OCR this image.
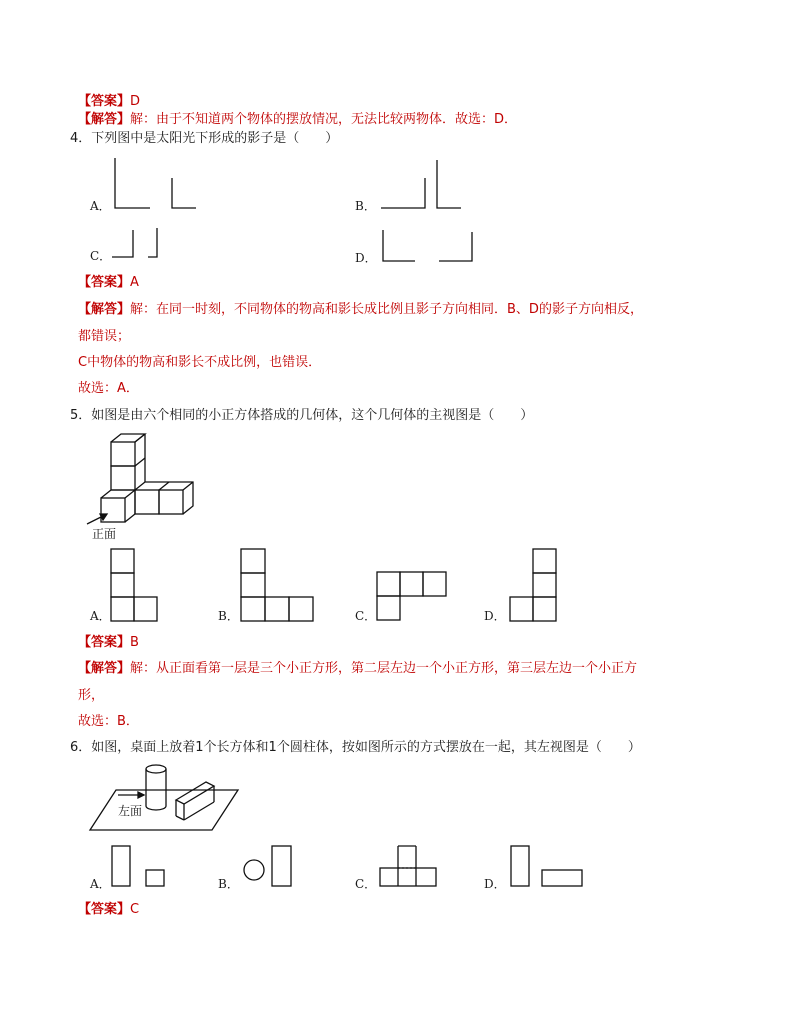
【答案】D
【解答】解：由于不知道两个物体的摆放情况，无法比较两物体．故选：D．
4．下列图中是太阳光下形成的影子是（　　）
A．	B．
C．	D．
【答案】A
【解答】解：在同一时刻，不同物体的物高和影长成比例且影子方向相同．B、D的影子方向相反，
都错误；
C中物体的物高和影长不成比例，也错误．
故选：A．
5．如图是由六个相同的小正方体搭成的几何体，这个几何体的主视图是（　　）
正面
A．	B．	C．	D．
【答案】B
【解答】解：从正面看第一层是三个小正方形，第二层左边一个小正方形，第三层左边一个小正方
形，
故选：B．
6．如图，桌面上放着1个长方体和1个圆柱体，按如图所示的方式摆放在一起，其左视图是（　　）
左面
A．	B．	C．	D．
【答案】C
